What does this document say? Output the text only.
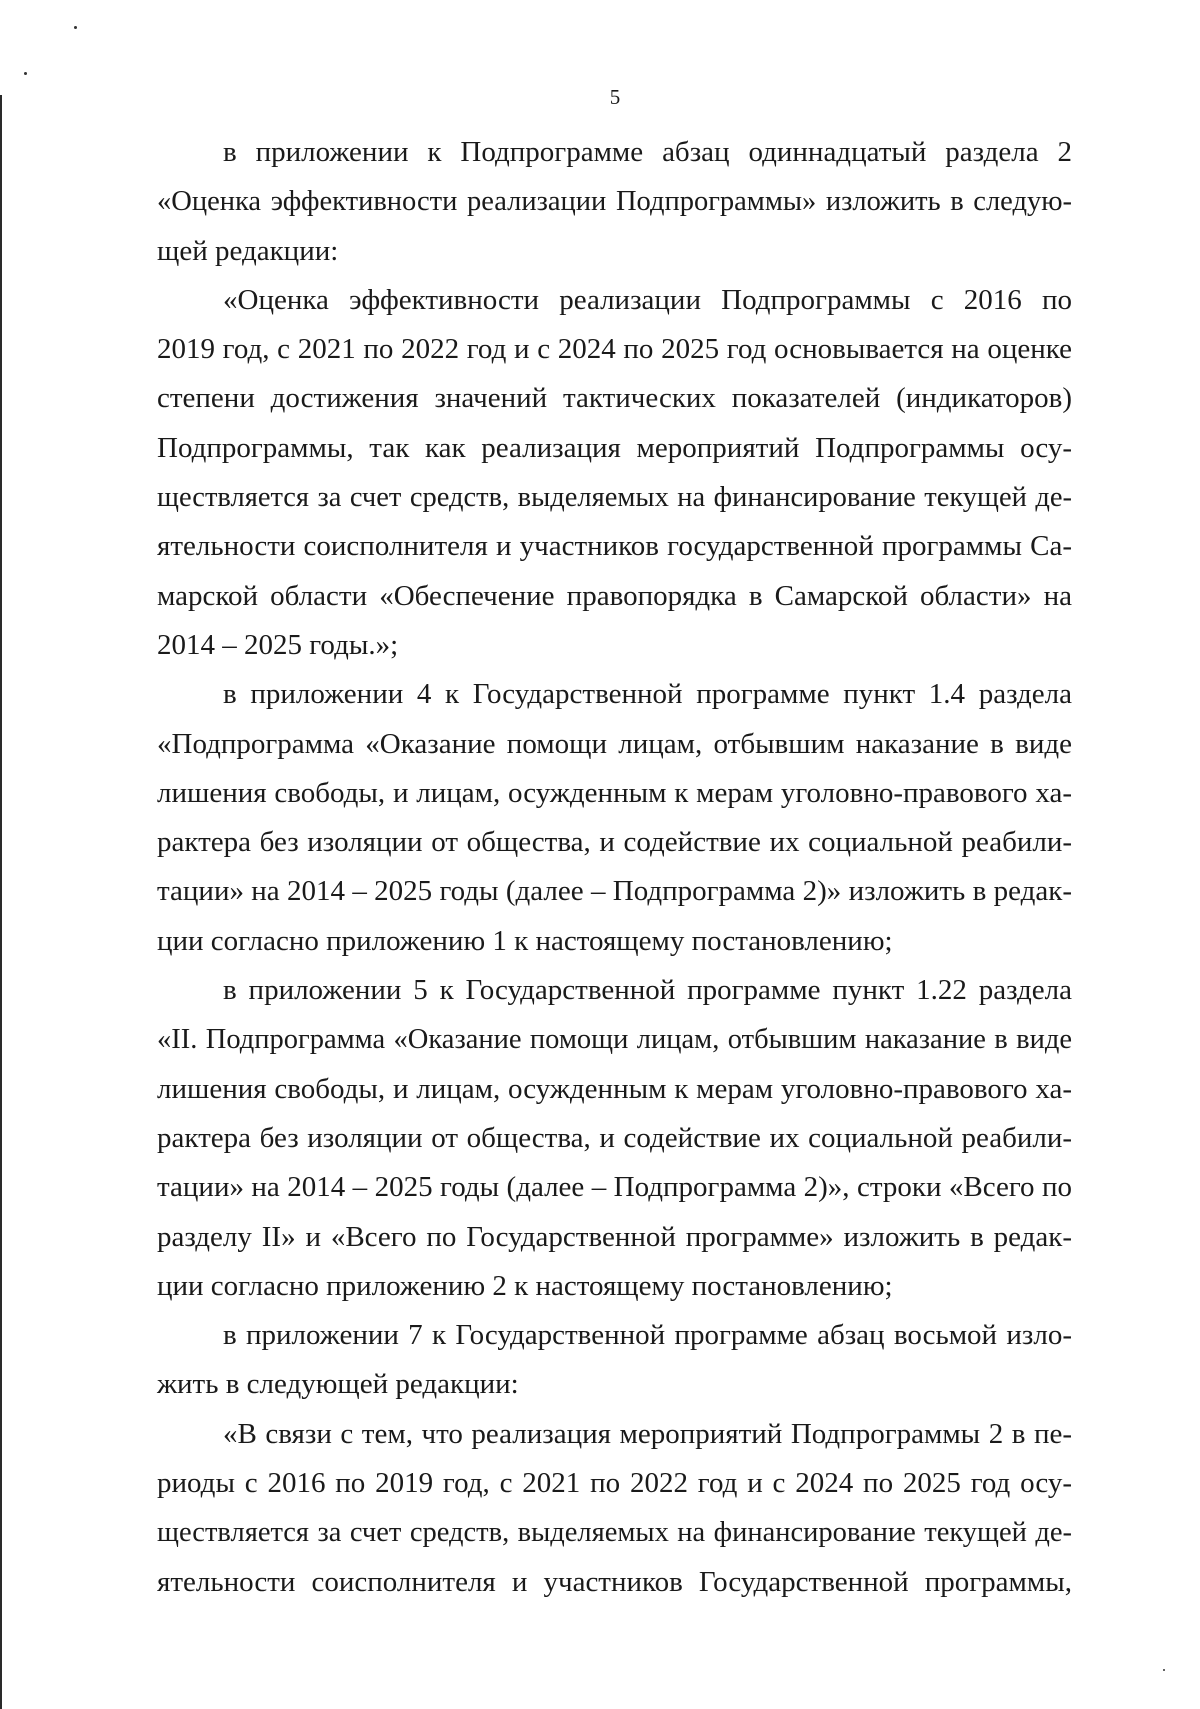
5
в приложении к Подпрограмме абзац одиннадцатый раздела 2
«Оценка эффективности реализации Подпрограммы» изложить в следую-
щей редакции:
«Оценка эффективности реализации Подпрограммы с 2016 по
2019 год, с 2021 по 2022 год и с 2024 по 2025 год основывается на оценке
степени достижения значений тактических показателей (индикаторов)
Подпрограммы, так как реализация мероприятий Подпрограммы осу-
ществляется за счет средств, выделяемых на финансирование текущей де-
ятельности соисполнителя и участников государственной программы Са-
марской области «Обеспечение правопорядка в Самарской области» на
2014 – 2025 годы.»;
в приложении 4 к Государственной программе пункт 1.4 раздела
«Подпрограмма «Оказание помощи лицам, отбывшим наказание в виде
лишения свободы, и лицам, осужденным к мерам уголовно-правового ха-
рактера без изоляции от общества, и содействие их социальной реабили-
тации» на 2014 – 2025 годы (далее – Подпрограмма 2)» изложить в редак-
ции согласно приложению 1 к настоящему постановлению;
в приложении 5 к Государственной программе пункт 1.22 раздела
«II. Подпрограмма «Оказание помощи лицам, отбывшим наказание в виде
лишения свободы, и лицам, осужденным к мерам уголовно-правового ха-
рактера без изоляции от общества, и содействие их социальной реабили-
тации» на 2014 – 2025 годы (далее – Подпрограмма 2)», строки «Всего по
разделу II» и «Всего по Государственной программе» изложить в редак-
ции согласно приложению 2 к настоящему постановлению;
в приложении 7 к Государственной программе абзац восьмой изло-
жить в следующей редакции:
«В связи с тем, что реализация мероприятий Подпрограммы 2 в пе-
риоды с 2016 по 2019 год, с 2021 по 2022 год и с 2024 по 2025 год осу-
ществляется за счет средств, выделяемых на финансирование текущей де-
ятельности соисполнителя и участников Государственной программы,
